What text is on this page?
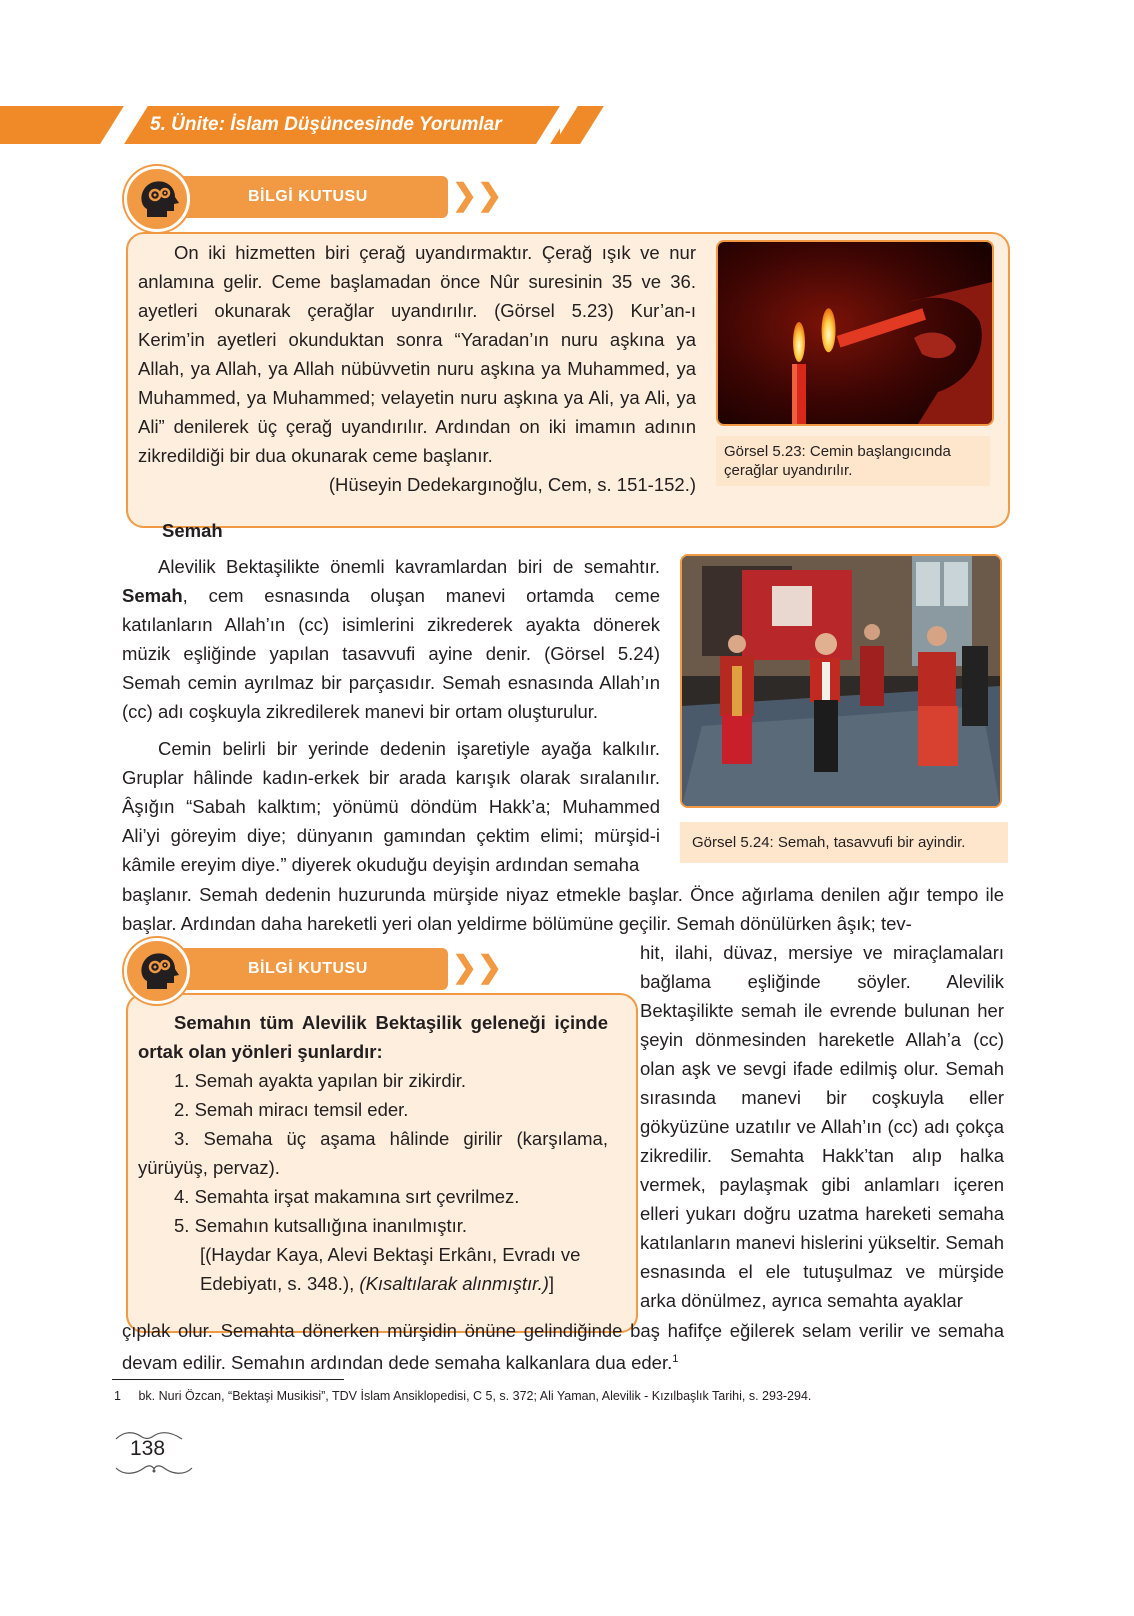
5. Ünite: İslam Düşüncesinde Yorumlar
BİLGİ KUTUSU	❯❯

On iki hizmetten biri çerağ uyandırmaktır. Çerağ ışık ve nur anlamına gelir. Ceme başlamadan önce Nûr suresinin 35 ve 36. ayetleri okunarak çerağlar uyandırılır. (Görsel 5.23) Kur’an-ı Kerim’in ayetleri okunduktan sonra “Yaradan’ın nuru aşkına ya Allah, ya Allah, ya Allah nübüvvetin nuru aşkına ya Muhammed, ya Muhammed, ya Muhammed; velayetin nuru aşkına ya Ali, ya Ali, ya Ali” denilerek üç çerağ uyandırılır. Ardından on iki imamın adının zikredildiği bir dua okunarak ceme başlanır.

(Hüseyin Dedekargınoğlu, Cem, s. 151-152.)

Görsel 5.23: Cemin başlangıcında çerağlar uyandırılır.
Semah

Alevilik Bektaşilikte önemli kavramlardan biri de semahtır. Semah, cem esnasında oluşan manevi ortamda ceme katılanların Allah’ın (cc) isimlerini zikrederek ayakta dönerek müzik eşliğinde yapılan tasavvufi ayine denir. (Görsel 5.24) Semah cemin ayrılmaz bir parçasıdır. Semah esnasında Allah’ın (cc) adı coşkuyla zikredilerek manevi bir ortam oluşturulur.

Cemin belirli bir yerinde dedenin işaretiyle ayağa kalkılır. Gruplar hâlinde kadın-erkek bir arada karışık olarak sıralanılır. Âşığın “Sabah kalktım; yönümü döndüm Hakk’a; Muhammed Ali’yi göreyim diye; dünyanın gamından çektim elimi; mürşid-i kâmile ereyim diye.” diyerek okuduğu deyişin ardından semaha

Görsel 5.24: Semah, tasavvufi bir ayindir.

başlanır. Semah dedenin huzurunda mürşide niyaz etmekle başlar. Önce ağırlama denilen ağır tempo ile başlar. Ardından daha hareketli yeri olan yeldirme bölümüne geçilir. Semah dönülürken âşık; tev-

BİLGİ KUTUSU	❯❯

Semahın tüm Alevilik Bektaşilik geleneği içinde ortak olan yönleri şunlardır:

1. Semah ayakta yapılan bir zikirdir.
2. Semah miracı temsil eder.
3. Semaha üç aşama hâlinde girilir (karşılama, yürüyüş, pervaz).
4. Semahta irşat makamına sırt çevrilmez.
5. Semahın kutsallığına inanılmıştır.

[(Haydar Kaya, Alevi Bektaşi Erkânı, Evradı ve Edebiyatı, s. 348.), (Kısaltılarak alınmıştır.)]

hit, ilahi, düvaz, mersiye ve miraçlamaları bağlama eşliğinde söyler. Alevilik Bektaşilikte semah ile evrende bulunan her şeyin dönmesinden hareketle Allah’a (cc) olan aşk ve sevgi ifade edilmiş olur. Semah sırasında manevi bir coşkuyla eller gökyüzüne uzatılır ve Allah’ın (cc) adı çokça zikredilir. Semahta Hakk’tan alıp halka vermek, paylaşmak gibi anlamları içeren elleri yukarı doğru uzatma hareketi semaha katılanların manevi hislerini yükseltir. Semah esnasında el ele tutuşulmaz ve mürşide arka dönülmez, ayrıca semahta ayaklar

çıplak olur. Semahta dönerken mürşidin önüne gelindiğinde baş hafifçe eğilerek selam verilir ve semaha devam edilir. Semahın ardından dede semaha kalkanlara dua eder.$^1$

1 bk. Nuri Özcan, “Bektaşi Musikisi”, TDV İslam Ansiklopedisi, C 5, s. 372; Ali Yaman, Alevilik - Kızılbaşlık Tarihi, s. 293-294.
138
